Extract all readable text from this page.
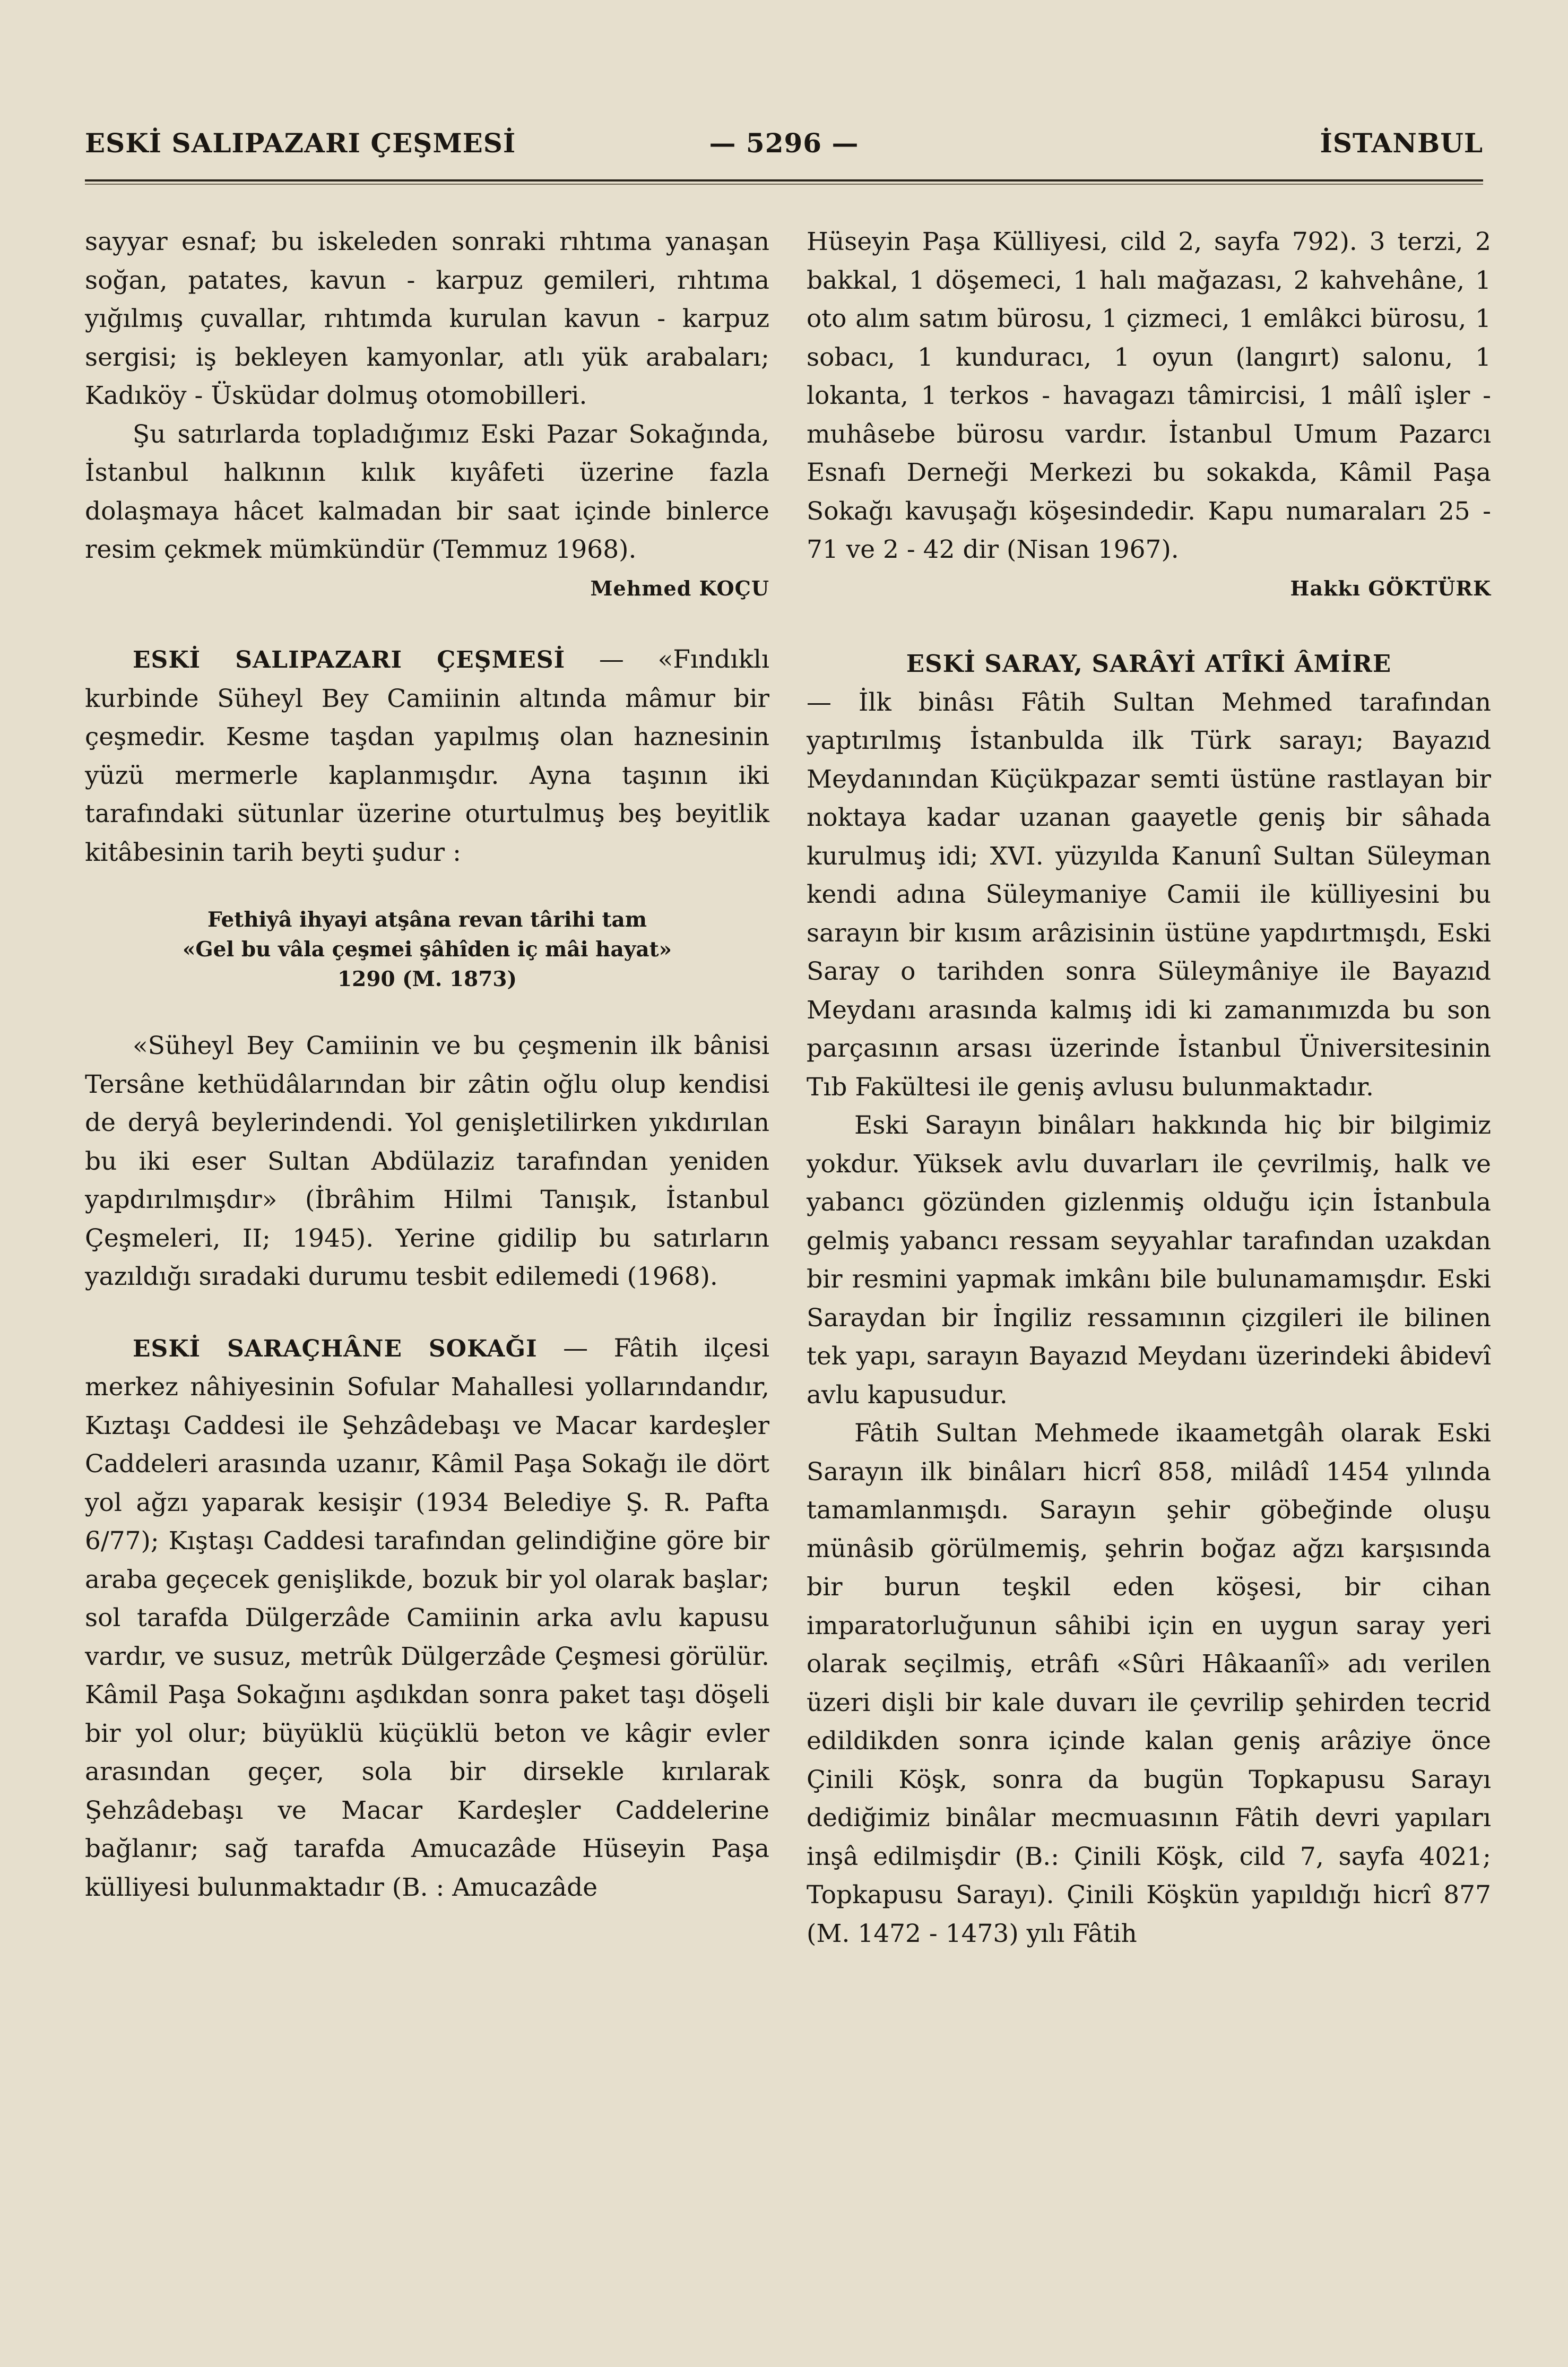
ESKİ SALIPAZARI ÇEŞMESİ	— 5296 —	İSTANBUL

sayyar esnaf; bu iskeleden sonraki rıhtıma yanaşan soğan, patates, kavun - karpuz gemileri, rıhtıma yığılmış çuvallar, rıhtımda kurulan kavun - karpuz sergisi; iş bekleyen kamyonlar, atlı yük arabaları; Kadıköy - Üsküdar dolmuş otomobilleri.

Şu satırlarda topladığımız Eski Pazar Sokağında, İstanbul halkının kılık kıyâfeti üzerine fazla dolaşmaya hâcet kalmadan bir saat içinde binlerce resim çekmek mümkündür (Temmuz 1968).

Mehmed KOÇU

ESKİ SALIPAZARI ÇEŞMESİ — «Fındıklı kurbinde Süheyl Bey Camiinin altında mâmur bir çeşmedir. Kesme taşdan yapılmış olan haznesinin yüzü mermerle kaplanmışdır. Ayna taşının iki tarafındaki sütunlar üzerine oturtulmuş beş beyitlik kitâbesinin tarih beyti şudur :

Fethiyâ ihyayi atşâna revan târihi tam
«Gel bu vâla çeşmei şâhîden iç mâi hayat»
1290 (M. 1873)

«Süheyl Bey Camiinin ve bu çeşmenin ilk bânisi Tersâne kethüdâlarından bir zâtin oğlu olup kendisi de deryâ beylerindendi. Yol genişletilirken yıkdırılan bu iki eser Sultan Abdülaziz tarafından yeniden yapdırılmışdır» (İbrâhim Hilmi Tanışık, İstanbul Çeşmeleri, II; 1945). Yerine gidilip bu satırların yazıldığı sıradaki durumu tesbit edilemedi (1968).

ESKİ SARAÇHÂNE SOKAĞI — Fâtih ilçesi merkez nâhiyesinin Sofular Mahallesi yollarındandır, Kıztaşı Caddesi ile Şehzâdebaşı ve Macar kardeşler Caddeleri arasında uzanır, Kâmil Paşa Sokağı ile dört yol ağzı yaparak kesişir (1934 Belediye Ş. R. Pafta 6/77); Kıştaşı Caddesi tarafından gelindiğine göre bir araba geçecek genişlikde, bozuk bir yol olarak başlar; sol tarafda Dülgerzâde Camiinin arka avlu kapusu vardır, ve susuz, metrûk Dülgerzâde Çeşmesi görülür. Kâmil Paşa Sokağını aşdıkdan sonra paket taşı döşeli bir yol olur; büyüklü küçüklü beton ve kâgir evler arasından geçer, sola bir dirsekle kırılarak Şehzâdebaşı ve Macar Kardeşler Caddelerine bağlanır; sağ tarafda Amucazâde Hüseyin Paşa külliyesi bulunmaktadır (B. : Amucazâde

Hüseyin Paşa Külliyesi, cild 2, sayfa 792). 3 terzi, 2 bakkal, 1 döşemeci, 1 halı mağazası, 2 kahvehâne, 1 oto alım satım bürosu, 1 çizmeci, 1 emlâkci bürosu, 1 sobacı, 1 kunduracı, 1 oyun (langırt) salonu, 1 lokanta, 1 terkos - havagazı tâmircisi, 1 mâlî işler - muhâsebe bürosu vardır. İstanbul Umum Pazarcı Esnafı Derneği Merkezi bu sokakda, Kâmil Paşa Sokağı kavuşağı köşesindedir. Kapu numaraları 25 - 71 ve 2 - 42 dir (Nisan 1967).

Hakkı GÖKTÜRK

ESKİ SARAY, SARÂYİ ATÎKİ ÂMİRE

— İlk binâsı Fâtih Sultan Mehmed tarafından yaptırılmış İstanbulda ilk Türk sarayı; Bayazıd Meydanından Küçükpazar semti üstüne rastlayan bir noktaya kadar uzanan gaayetle geniş bir sâhada kurulmuş idi; XVI. yüzyılda Kanunî Sultan Süleyman kendi adına Süleymaniye Camii ile külliyesini bu sarayın bir kısım arâzisinin üstüne yapdırtmışdı, Eski Saray o tarihden sonra Süleymâniye ile Bayazıd Meydanı arasında kalmış idi ki zamanımızda bu son parçasının arsası üzerinde İstanbul Üniversitesinin Tıb Fakültesi ile geniş avlusu bulunmaktadır.

Eski Sarayın binâları hakkında hiç bir bilgimiz yokdur. Yüksek avlu duvarları ile çevrilmiş, halk ve yabancı gözünden gizlenmiş olduğu için İstanbula gelmiş yabancı ressam seyyahlar tarafından uzakdan bir resmini yapmak imkânı bile bulunamamışdır. Eski Saraydan bir İngiliz ressamının çizgileri ile bilinen tek yapı, sarayın Bayazıd Meydanı üzerindeki âbidevî avlu kapusudur.

Fâtih Sultan Mehmede ikaametgâh olarak Eski Sarayın ilk binâları hicrî 858, milâdî 1454 yılında tamamlanmışdı. Sarayın şehir göbeğinde oluşu münâsib görülmemiş, şehrin boğaz ağzı karşısında bir burun teşkil eden köşesi, bir cihan imparatorluğunun sâhibi için en uygun saray yeri olarak seçilmiş, etrâfı «Sûri Hâkaanîî» adı verilen üzeri dişli bir kale duvarı ile çevrilip şehirden tecrid edildikden sonra içinde kalan geniş arâziye önce Çinili Köşk, sonra da bugün Topkapusu Sarayı dediğimiz binâlar mecmuasının Fâtih devri yapıları inşâ edilmişdir (B.: Çinili Köşk, cild 7, sayfa 4021; Topkapusu Sarayı). Çinili Köşkün yapıldığı hicrî 877 (M. 1472 - 1473) yılı Fâtih
